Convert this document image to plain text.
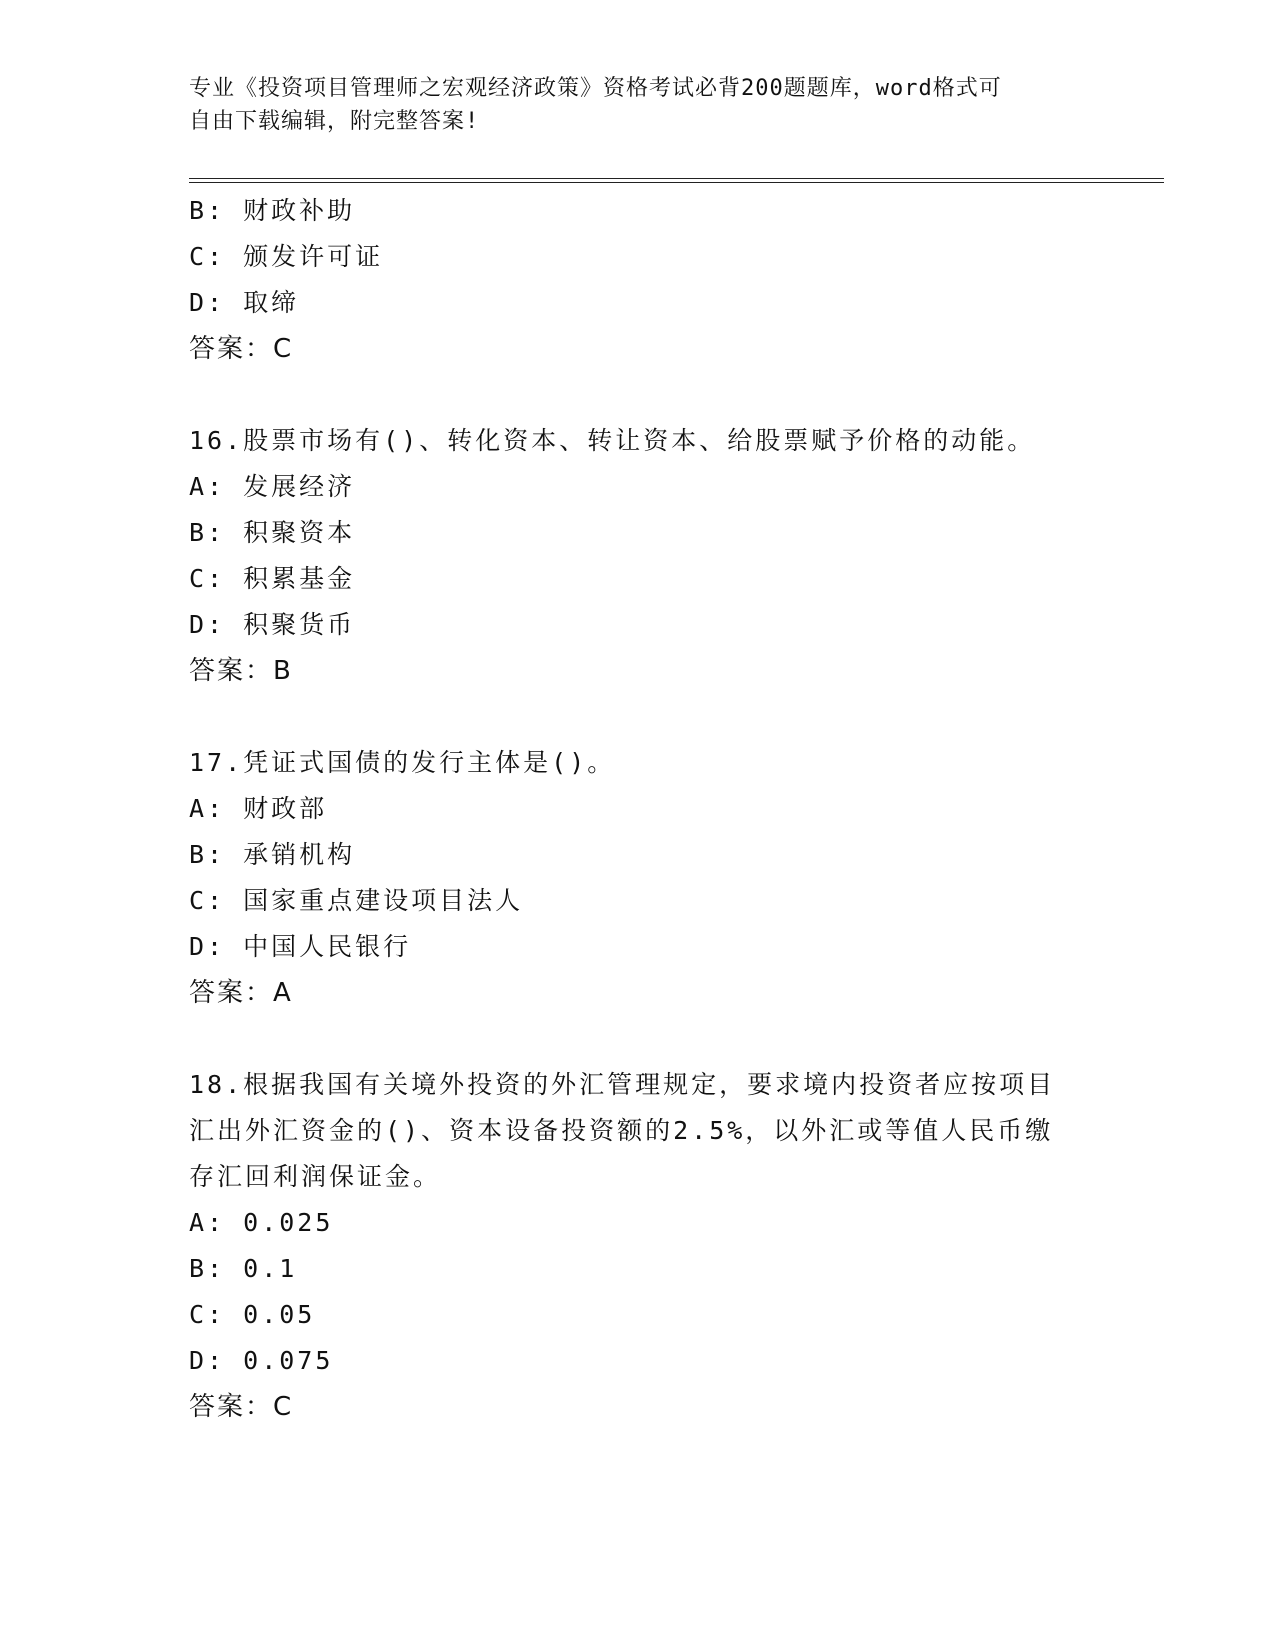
专业《投资项目管理师之宏观经济政策》资格考试必背200题题库，word格式可
自由下载编辑，附完整答案!
B: 财政补助
C: 颁发许可证
D: 取缔
答案：C
16.股票市场有()、转化资本、转让资本、给股票赋予价格的动能。
A: 发展经济
B: 积聚资本
C: 积累基金
D: 积聚货币
答案：B
17.凭证式国债的发行主体是()。
A: 财政部
B: 承销机构
C: 国家重点建设项目法人
D: 中国人民银行
答案：A
18.根据我国有关境外投资的外汇管理规定，要求境内投资者应按项目
汇出外汇资金的()、资本设备投资额的2.5%，以外汇或等值人民币缴
存汇回利润保证金。
A: 0.025
B: 0.1
C: 0.05
D: 0.075
答案：C
